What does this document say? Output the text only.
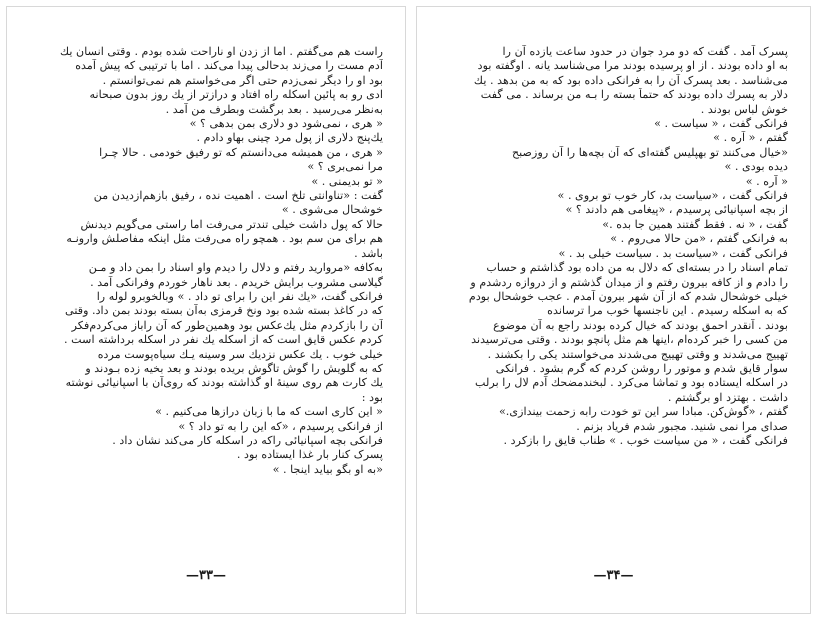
راست هم می‌گفتم . اما از زدن او ناراحت شده بودم . وقتی انسان یك
آدم مست را می‌زند بدحالی پیدا می‌کند . اما با ترتیبی که پیش آمده
بود او را دیگر نمی‌زدم حتی اگر می‌خواستم هم نمی‌توانستم .
ادی رو به پائین اسکله راه افتاد و درازتر از یك روز بدون صبحانه
به‌نظر می‌رسید . بعد برگشت وبطرف من آمد .
« هری ، نمی‌شود دو دلاری بمن بدهی ؟ »
یك‌پنج دلاری از پول مرد چینی بهاو دادم .
« هری ، من همیشه می‌دانستم که تو رفیق خودمی . حالا چـرا
مرا نمی‌بری ؟ »
« تو بدیمنی . »
گفت : «تناوانتی تلخ است . اهمیت نده ، رفیق بازهم‌ازدیدن من
خوشحال می‌شوی . »
حالا که پول داشت خیلی تندتر می‌رفت اما راستی می‌گویم دیدنش
هم برای من سم بود . همچو راه می‌رفت مثل اینکه مفاصلش وارونـه
باشد .
به‌کافه «مرواريد رفتم و دلال را ديدم واو اسناد را بمن داد و مـن
گیلاسی مشروب برایش خریدم . بعد ناهار خوردم وفرانکی آمد .
فرانکی گفت، «یك نفر این را برای تو داد . » وبالخوبرو لوله را
که در کاغذ بسته شده بود ونخ قرمزی به‌آن بسته بودند بمن داد. وقتی
آن را بازکردم مثل یك‌عکس بود وهمین‌طور که آن راباز می‌کردم‌فکر
کردم عکس قایق است که از اسکله یك نفر در اسکله برداشته است .
خیلی خوب . یك عکس نزدیك سر وسینه یـك سیاه‌پوست مرده
که به گلویش را گوش تاگوش بریده بودند و بعد بخیه زده بـودند و
یك کارت هم روی سینهٔ او گذاشته بودند که روی‌آن با اسپانیائی نوشته
بود :
« این کاری است که ما با زبان درازها می‌کنیم . »
از فرانکی پرسیدم ، «که این را به تو داد ؟ »
فرانکی بچه اسپانیائی راکه در اسکله کار می‌کند نشان داد .
پسرک کنار بار غذا ایستاده بود .
«به او بگو بیاید اینجا . »
—٣٣—
پسرک آمد . گفت که دو مرد جوان در حدود ساعت یازده آن را
به او داده بودند . از او پرسیده بودند مرا می‌شناسد یانه . اوگفته بود
می‌شناسد . بعد پسرک آن را به فرانکی داده بود که به من بدهد . یك
دلار به پسرك داده بودند که حتماً بسته را بـه من برساند . می گفت
خوش لباس بودند .
فرانکی گفت ، « سیاست . »
گفتم ، « آره . »
«خیال می‌کنند تو بهپلیس گفته‌ای که آن بچه‌ها را آن روزصبح
دیده بودی . »
« آره . »
فرانکی گفت ، «سیاست بد، کار خوب تو بروی . »
از بچه اسپانیائی پرسیدم ، «پیغامی هم دادند ؟ »
گفت ، « نه . فقط گفتند همین جا بده .»
به فرانکی گفتم ، «من حالا می‌روم . »
فرانکی گفت ، «سیاست بد . سیاست خیلی بد . »
تمام اسناد را در بسته‌ای که دلال به من داده بود گذاشتم و حساب
را دادم و از کافه بیرون رفتم و از میدان گذشتم و از دروازه ردشدم و
خیلی خوشحال شدم که از آن شهر بیرون آمدم . عجب خوشحال بودم
که به اسکله رسیدم . این ناجنسها خوب مرا ترسانده
بودند . آنقدر احمق بودند که خیال کرده بودند راجع به آن موضوع
من کسی را خبر کرده‌ام ،اینها هم مثل پانچو بودند . وقتی می‌ترسیدند
تهییج می‌شدند و وقتی تهییج می‌شدند می‌خواستند یکی را بکشند .
سوار قایق شدم و موتور را روشن کردم که گرم بشود . فرانکی
در اسکله ایستاده بود و تماشا می‌کرد . لبخندمضحك آدم لال را برلب
داشت . بهتزد او برگشتم .
گفتم ، «گوش‌کن. مبادا سر این تو خودت رابه زحمت بیندازی.»
صدای مرا نمی شنید. مجبور شدم فریاد بزنم .
فرانکی گفت ، « من سیاست خوب . » طناب قایق را بازکرد .
—٣۴—
